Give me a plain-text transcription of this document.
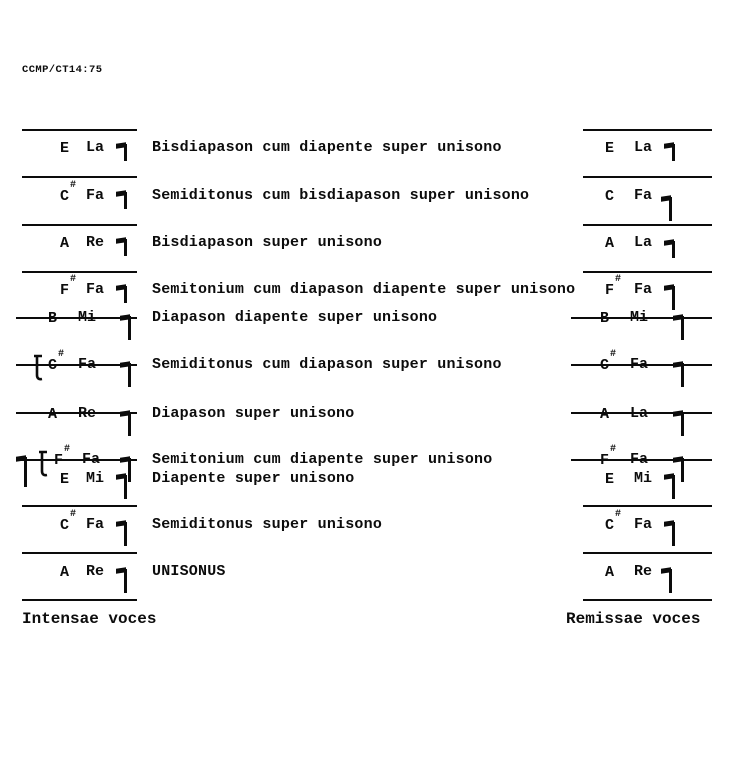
CCMP/CT14:75
E La
C#
Fa
A Re
F#
Fa
B Mi
C#
Fa
A Re
F#
Fa
E Mi
C#
Fa
A Re
E La
C Fa
A La
F#
Fa
B Mi
C#
Fa
A La
F#
Fa
E Mi
C#
Fa
A Re
Bisdiapason cum diapente super unisono
Semiditonus cum bisdiapason super unisono
Bisdiapason super unisono
Semitonium cum diapason diapente super unisono
Diapason diapente super unisono
Semiditonus cum diapason super unisono
Diapason super unisono
Semitonium cum diapente super unisono
Diapente super unisono
Semiditonus super unisono
UNISONUS
Intensae voces	Remissae voces
